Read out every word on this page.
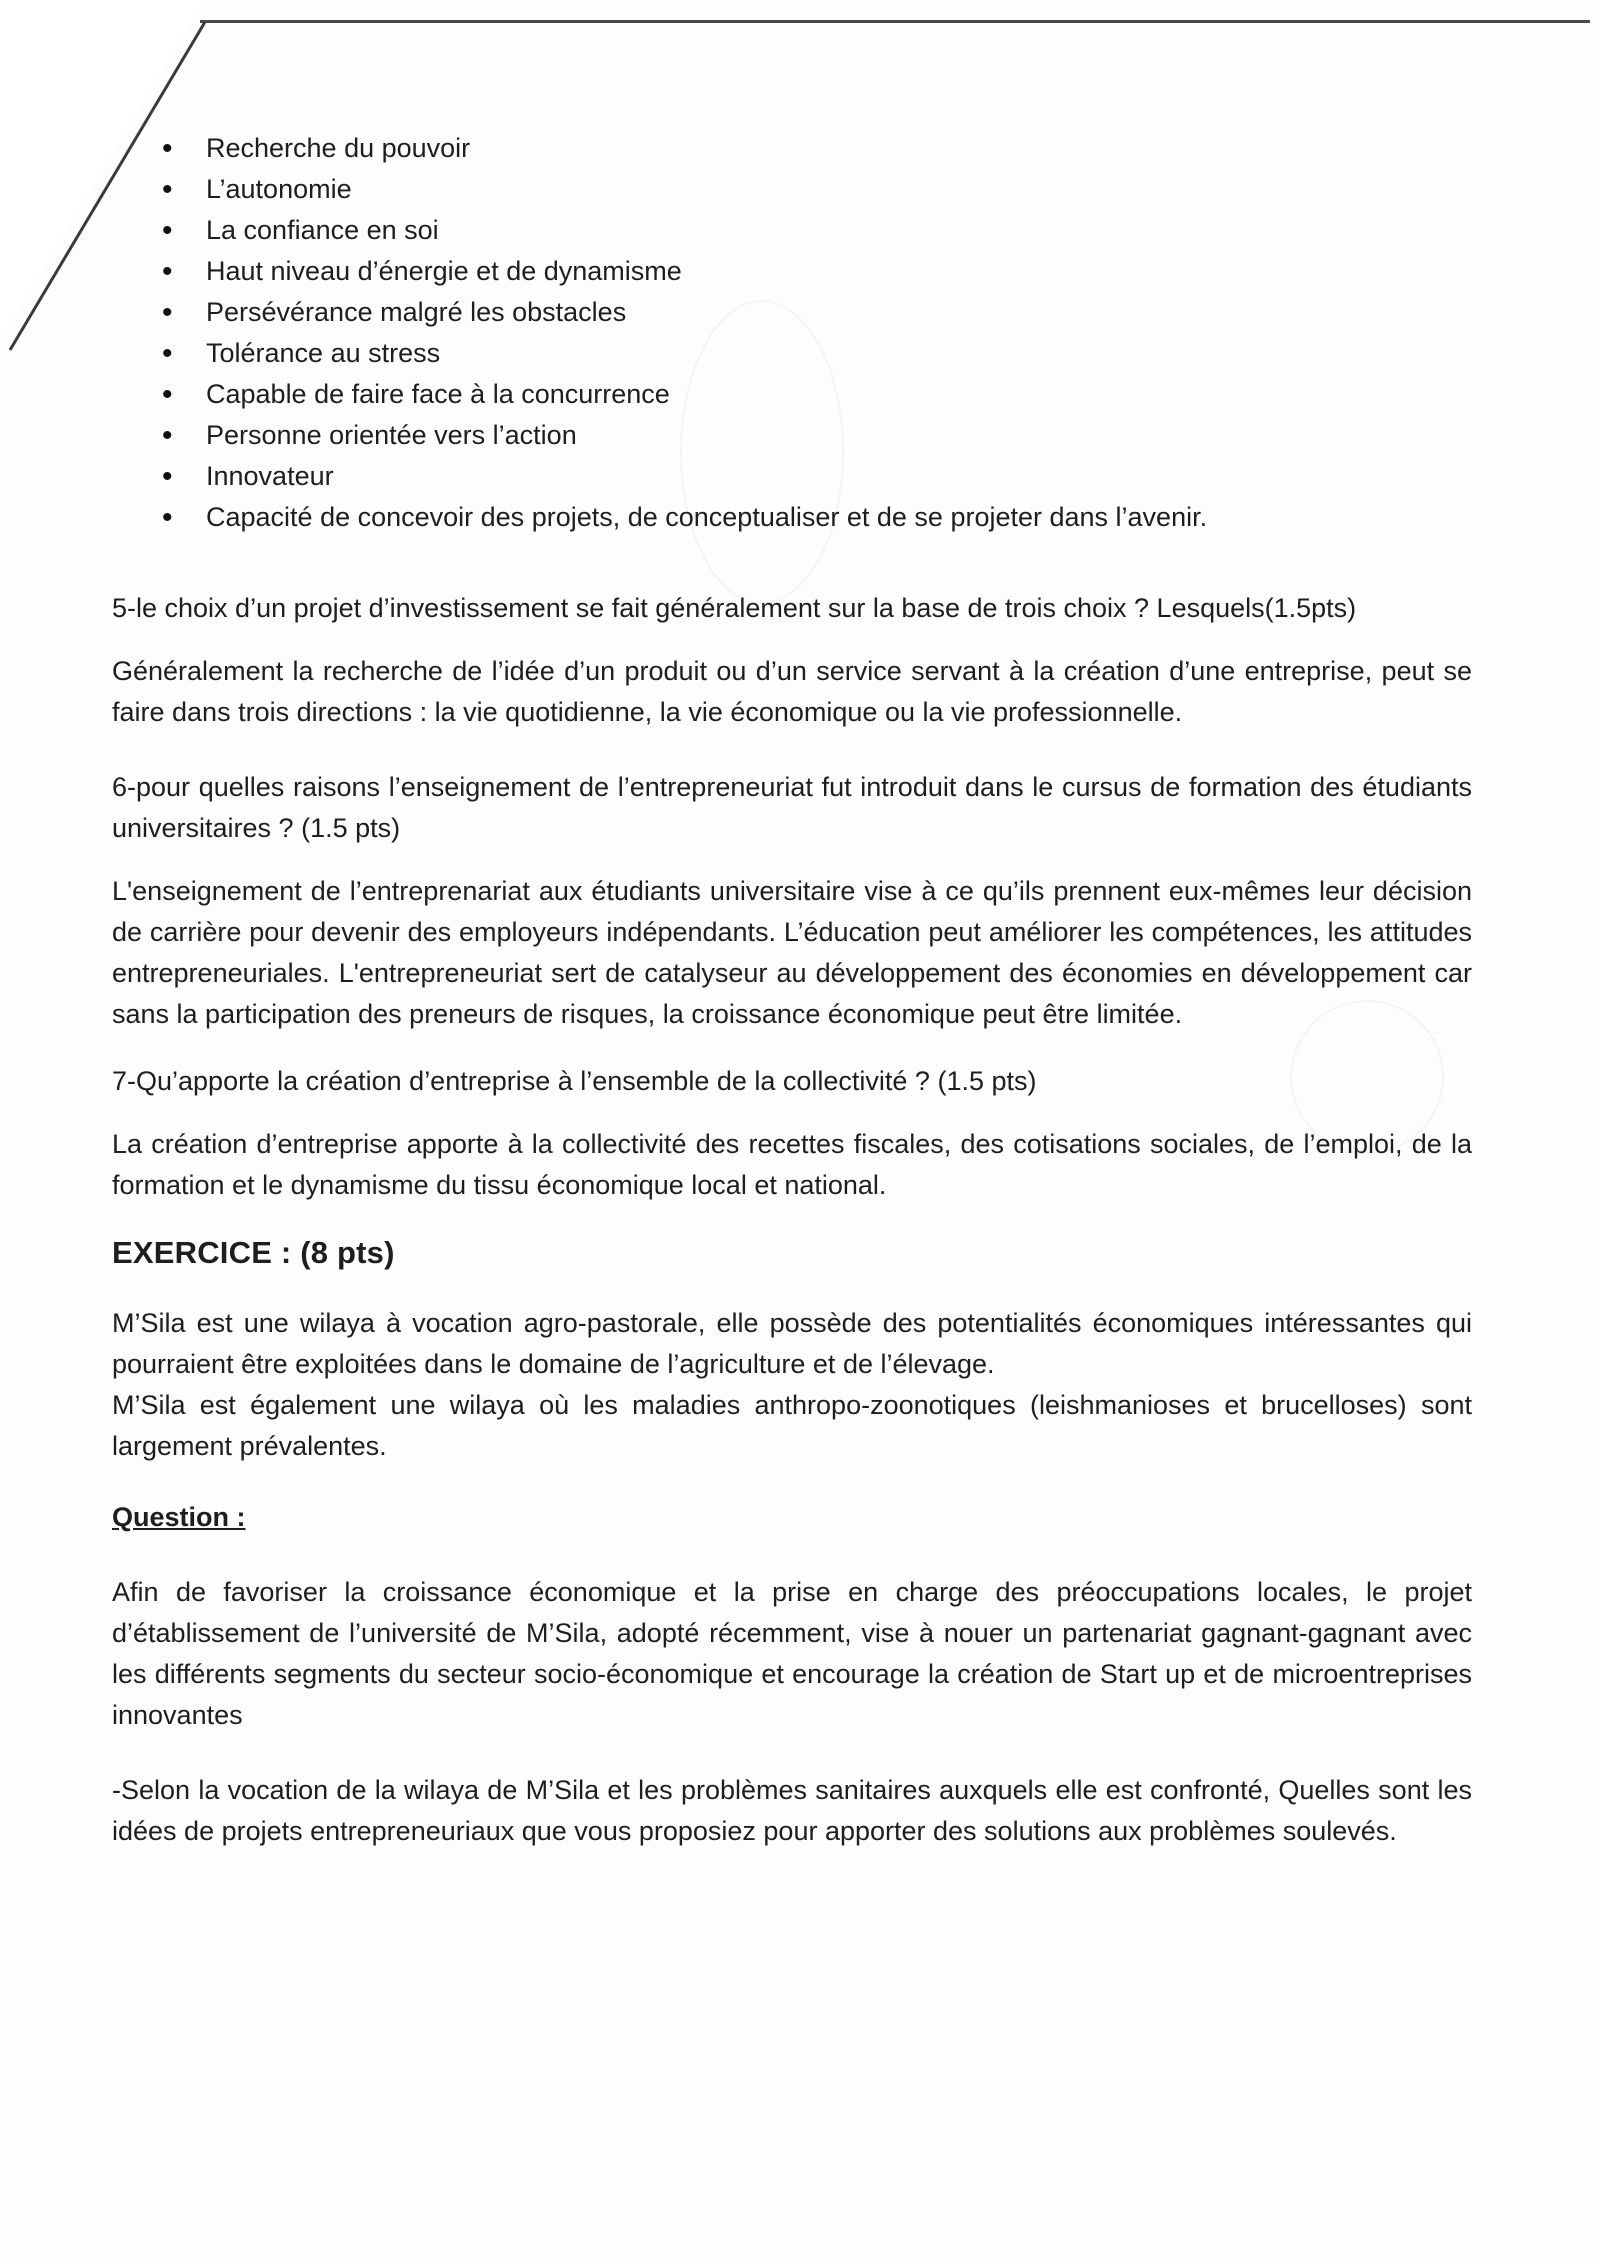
• Recherche du pouvoir
• L’autonomie
• La confiance en soi
• Haut niveau d’énergie et de dynamisme
• Persévérance malgré les obstacles
• Tolérance au stress
• Capable de faire face à la concurrence
• Personne orientée vers l’action
• Innovateur
• Capacité de concevoir des projets, de conceptualiser et de se projeter dans l’avenir.

5-le choix d’un projet d’investissement se fait généralement sur la base de trois choix ? Lesquels(1.5pts)

Généralement la recherche de l’idée d’un produit ou d’un service servant à la création d’une entreprise, peut se faire dans trois directions : la vie quotidienne, la vie économique ou la vie professionnelle.

6-pour quelles raisons l’enseignement de l’entrepreneuriat fut introduit dans le cursus de formation des étudiants universitaires ? (1.5 pts)

L'enseignement de l’entreprenariat aux étudiants universitaire vise à ce qu’ils prennent eux-mêmes leur décision de carrière pour devenir des employeurs indépendants. L’éducation peut améliorer les compétences, les attitudes entrepreneuriales. L'entrepreneuriat sert de catalyseur au développement des économies en développement car sans la participation des preneurs de risques, la croissance économique peut être limitée.

7-Qu’apporte la création d’entreprise à l’ensemble de la collectivité ? (1.5 pts)

La création d’entreprise apporte à la collectivité des recettes fiscales, des cotisations sociales, de l’emploi, de la formation et le dynamisme du tissu économique local et national.

EXERCICE : (8 pts)

M’Sila est une wilaya à vocation agro-pastorale, elle possède des potentialités économiques intéressantes qui pourraient être exploitées dans le domaine de l’agriculture et de l’élevage.

M’Sila est également une wilaya où les maladies anthropo-zoonotiques (leishmanioses et brucelloses) sont largement prévalentes.

Question :

Afin de favoriser la croissance économique et la prise en charge des préoccupations locales, le projet d’établissement de l’université de M’Sila, adopté récemment, vise à nouer un partenariat gagnant-gagnant avec les différents segments du secteur socio-économique et encourage la création de Start up et de microentreprises innovantes

-Selon la vocation de la wilaya de M’Sila et les problèmes sanitaires auxquels elle est confronté, Quelles sont les idées de projets entrepreneuriaux que vous proposiez pour apporter des solutions aux problèmes soulevés.
